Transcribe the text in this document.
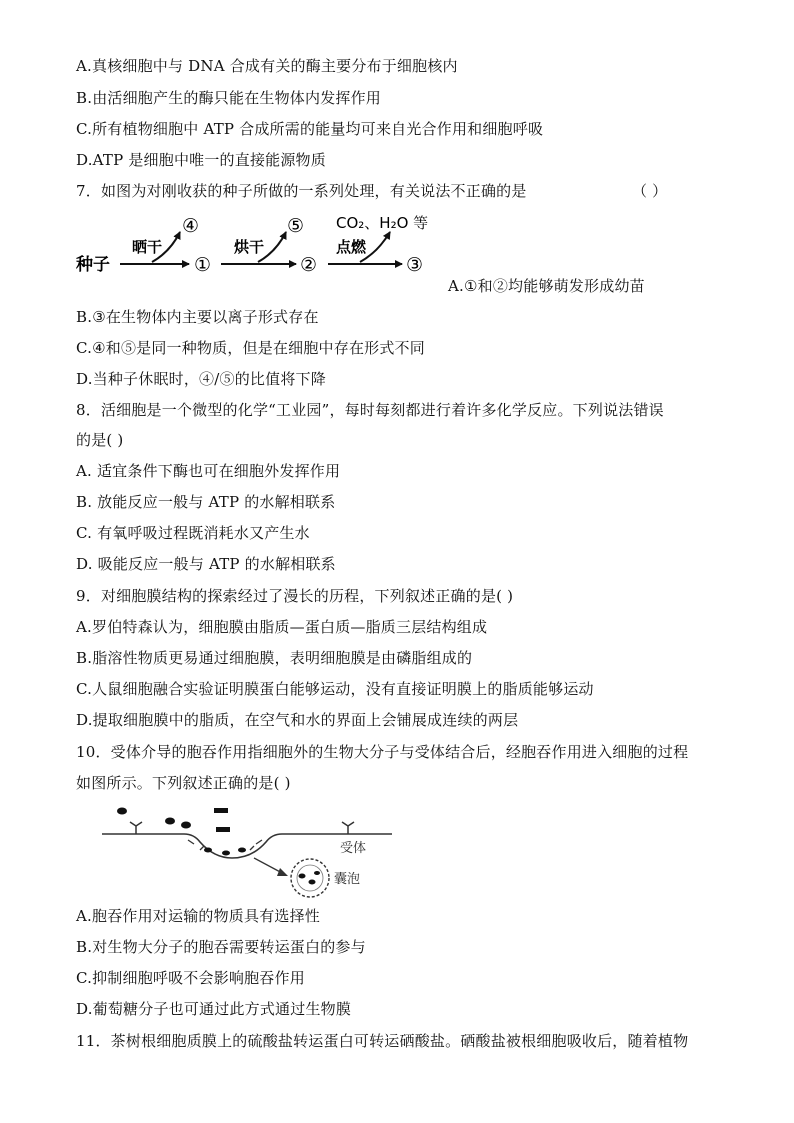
A.真核细胞中与 DNA 合成有关的酶主要分布于细胞核内
B.由活细胞产生的酶只能在生物体内发挥作用
C.所有植物细胞中 ATP 合成所需的能量均可来自光合作用和细胞呼吸
D.ATP 是细胞中唯一的直接能源物质
7．如图为对刚收获的种子所做的一系列处理，有关说法不正确的是	（ ）
种子
晒干
④
①
烘干
⑤
②
点燃
CO₂、H₂O 等
③
A.①和②均能够萌发形成幼苗
B.③在生物体内主要以离子形式存在
C.④和⑤是同一种物质，但是在细胞中存在形式不同
D.当种子休眠时，④/⑤的比值将下降
8．活细胞是一个微型的化学“工业园”，每时每刻都进行着许多化学反应。下列说法错误
的是( )
A. 适宜条件下酶也可在细胞外发挥作用
B. 放能反应一般与 ATP 的水解相联系
C. 有氧呼吸过程既消耗水又产生水
D. 吸能反应一般与 ATP 的水解相联系
9．对细胞膜结构的探索经过了漫长的历程，下列叙述正确的是( )
A.罗伯特森认为，细胞膜由脂质—蛋白质—脂质三层结构组成
B.脂溶性物质更易通过细胞膜，表明细胞膜是由磷脂组成的
C.人鼠细胞融合实验证明膜蛋白能够运动，没有直接证明膜上的脂质能够运动
D.提取细胞膜中的脂质，在空气和水的界面上会铺展成连续的两层
10．受体介导的胞吞作用指细胞外的生物大分子与受体结合后，经胞吞作用进入细胞的过程
如图所示。下列叙述正确的是( )
受体
囊泡
A.胞吞作用对运输的物质具有选择性
B.对生物大分子的胞吞需要转运蛋白的参与
C.抑制细胞呼吸不会影响胞吞作用
D.葡萄糖分子也可通过此方式通过生物膜
11．茶树根细胞质膜上的硫酸盐转运蛋白可转运硒酸盐。硒酸盐被根细胞吸收后，随着植物
